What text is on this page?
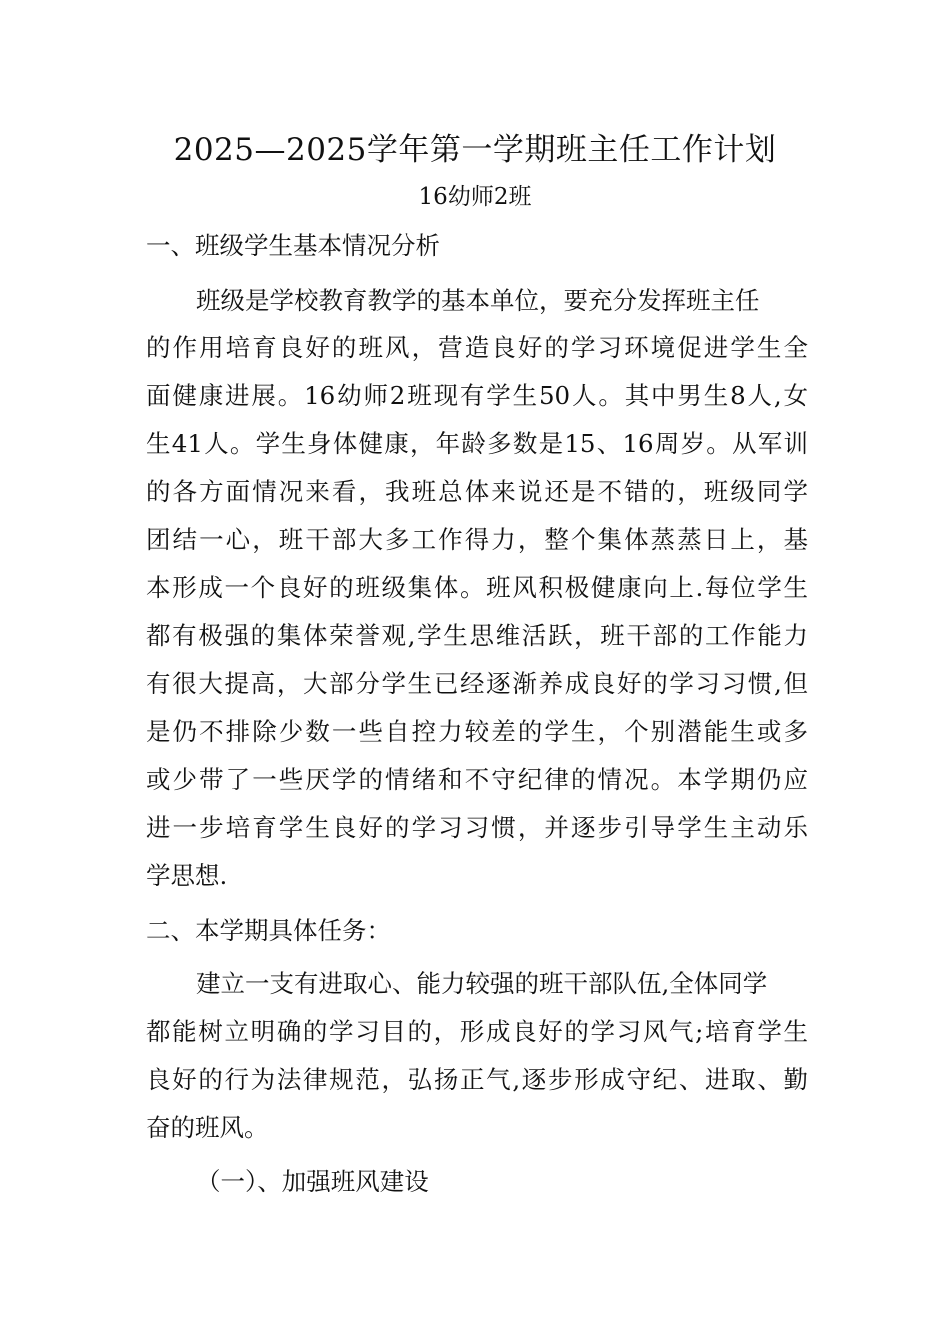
2025—2025学年第一学期班主任工作计划
16幼师2班
一、班级学生基本情况分析
班级是学校教育教学的基本单位，要充分发挥班主任
的作用培育良好的班风，营造良好的学习环境促进学生全
面健康进展。16幼师2班现有学生50人。其中男生8人,女
生41人。学生身体健康，年龄多数是15、16周岁。从军训
的各方面情况来看，我班总体来说还是不错的，班级同学
团结一心，班干部大多工作得力，整个集体蒸蒸日上，基
本形成一个良好的班级集体。班风积极健康向上.每位学生
都有极强的集体荣誉观,学生思维活跃，班干部的工作能力
有很大提高，大部分学生已经逐渐养成良好的学习习惯,但
是仍不排除少数一些自控力较差的学生，个别潜能生或多
或少带了一些厌学的情绪和不守纪律的情况。本学期仍应
进一步培育学生良好的学习习惯，并逐步引导学生主动乐
学思想.
二、本学期具体任务：
建立一支有进取心、能力较强的班干部队伍,全体同学
都能树立明确的学习目的，形成良好的学习风气;培育学生
良好的行为法律规范，弘扬正气,逐步形成守纪、进取、勤
奋的班风。
（一）、加强班风建设
